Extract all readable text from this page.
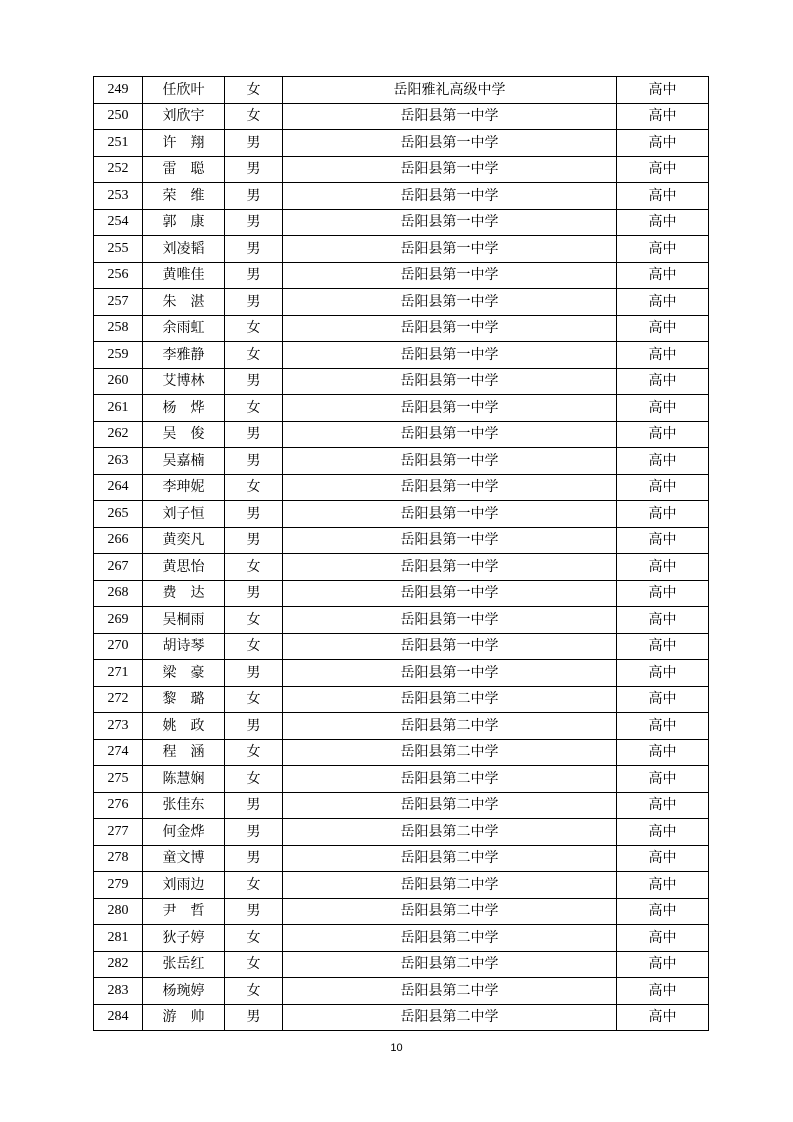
249	任欣叶	女	岳阳雅礼高级中学	高中
250	刘欣宇	女	岳阳县第一中学	高中
251	许　翔	男	岳阳县第一中学	高中
252	雷　聪	男	岳阳县第一中学	高中
253	荣　维	男	岳阳县第一中学	高中
254	郭　康	男	岳阳县第一中学	高中
255	刘凌韬	男	岳阳县第一中学	高中
256	黄唯佳	男	岳阳县第一中学	高中
257	朱　湛	男	岳阳县第一中学	高中
258	余雨虹	女	岳阳县第一中学	高中
259	李雅静	女	岳阳县第一中学	高中
260	艾博林	男	岳阳县第一中学	高中
261	杨　烨	女	岳阳县第一中学	高中
262	吴　俊	男	岳阳县第一中学	高中
263	吴嘉楠	男	岳阳县第一中学	高中
264	李珅妮	女	岳阳县第一中学	高中
265	刘子恒	男	岳阳县第一中学	高中
266	黄奕凡	男	岳阳县第一中学	高中
267	黄思怡	女	岳阳县第一中学	高中
268	费　达	男	岳阳县第一中学	高中
269	吴桐雨	女	岳阳县第一中学	高中
270	胡诗琴	女	岳阳县第一中学	高中
271	梁　豪	男	岳阳县第一中学	高中
272	黎　璐	女	岳阳县第二中学	高中
273	姚　政	男	岳阳县第二中学	高中
274	程　涵	女	岳阳县第二中学	高中
275	陈慧娴	女	岳阳县第二中学	高中
276	张佳东	男	岳阳县第二中学	高中
277	何金烨	男	岳阳县第二中学	高中
278	童文博	男	岳阳县第二中学	高中
279	刘雨边	女	岳阳县第二中学	高中
280	尹　哲	男	岳阳县第二中学	高中
281	狄子婷	女	岳阳县第二中学	高中
282	张岳红	女	岳阳县第二中学	高中
283	杨琬婷	女	岳阳县第二中学	高中
284	游　帅	男	岳阳县第二中学	高中
10
